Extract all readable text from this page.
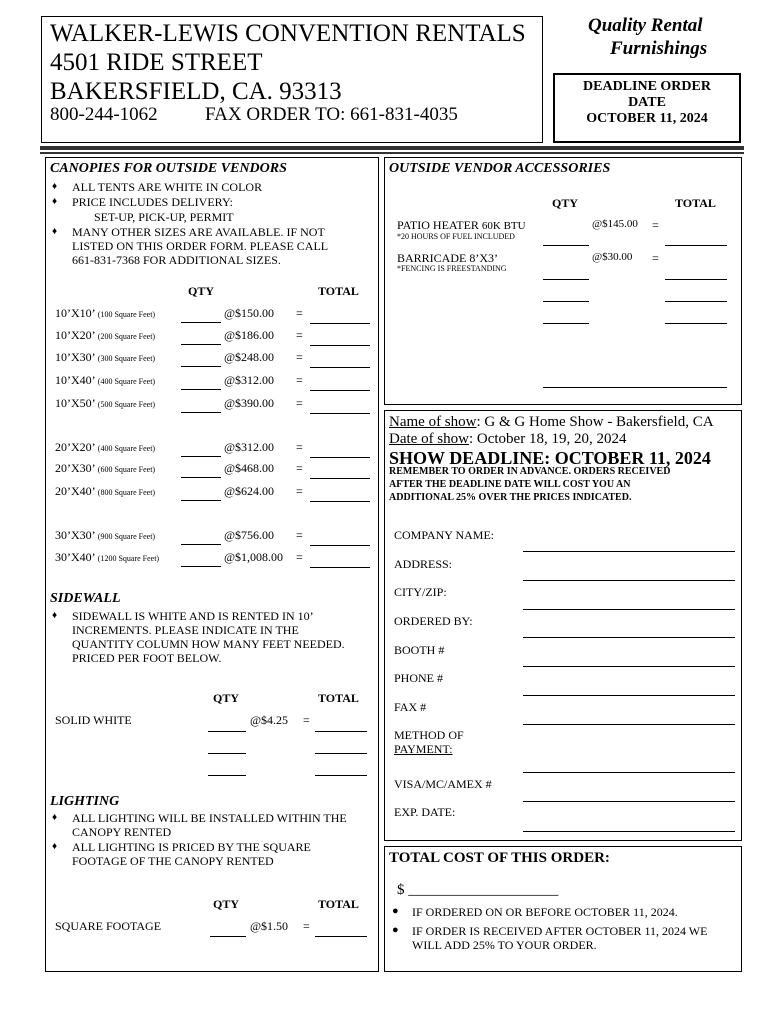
WALKER-LEWIS CONVENTION RENTALS
4501 RIDE STREET
BAKERSFIELD, CA. 93313
800-244-1062 FAX ORDER TO: 661-831-4035
Quality Rental
Furnishings
DEADLINE ORDER
DATE
OCTOBER 11, 2024
CANOPIES FOR OUTSIDE VENDORS
♦ ALL TENTS ARE WHITE IN COLOR
♦ PRICE INCLUDES DELIVERY:
SET-UP, PICK-UP, PERMIT
♦ MANY OTHER SIZES ARE AVAILABLE. IF NOT
LISTED ON THIS ORDER FORM. PLEASE CALL
661-831-7368 FOR ADDITIONAL SIZES.
QTY	TOTAL
10’X10’ (100 Square Feet)	@$150.00 =
10’X20’ (200 Square Feet)	@$186.00 =
10’X30’ (300 Square Feet)	@$248.00 =
10’X40’ (400 Square Feet)	@$312.00 =
10’X50’ (500 Square Feet)	@$390.00 =
20’X20’ (400 Square Feet)	@$312.00 =
20’X30’ (600 Square Feet)	@$468.00 =
20’X40’ (800 Square Feet)	@$624.00 =
30’X30’ (900 Square Feet)	@$756.00 =
30’X40’ (1200 Square Feet)	@$1,008.00 =
SIDEWALL
♦ SIDEWALL IS WHITE AND IS RENTED IN 10’
INCREMENTS. PLEASE INDICATE IN THE
QUANTITY COLUMN HOW MANY FEET NEEDED.
PRICED PER FOOT BELOW.
QTY	TOTAL
SOLID WHITE	@$4.25 =
LIGHTING
♦ ALL LIGHTING WILL BE INSTALLED WITHIN THE
CANOPY RENTED
♦ ALL LIGHTING IS PRICED BY THE SQUARE
FOOTAGE OF THE CANOPY RENTED
QTY	TOTAL
SQUARE FOOTAGE	@$1.50 =
OUTSIDE VENDOR ACCESSORIES
QTY	TOTAL
PATIO HEATER 60K BTU
*20 HOURS OF FUEL INCLUDED
@$145.00 =
BARRICADE 8’X3’
*FENCING IS FREESTANDING
@$30.00 =
Name of show: G & G Home Show - Bakersfield, CA
Date of show: October 18, 19, 20, 2024
SHOW DEADLINE: OCTOBER 11, 2024
REMEMBER TO ORDER IN ADVANCE. ORDERS RECEIVED
AFTER THE DEADLINE DATE WILL COST YOU AN
ADDITIONAL 25% OVER THE PRICES INDICATED.
COMPANY NAME:
ADDRESS:
CITY/ZIP:
ORDERED BY:
BOOTH #
PHONE #
FAX #
METHOD OF
PAYMENT:
VISA/MC/AMEX #
EXP. DATE:
TOTAL COST OF THIS ORDER:
$ ____________________
● IF ORDERED ON OR BEFORE OCTOBER 11, 2024.
● IF ORDER IS RECEIVED AFTER OCTOBER 11, 2024 WE
WILL ADD 25% TO YOUR ORDER.
